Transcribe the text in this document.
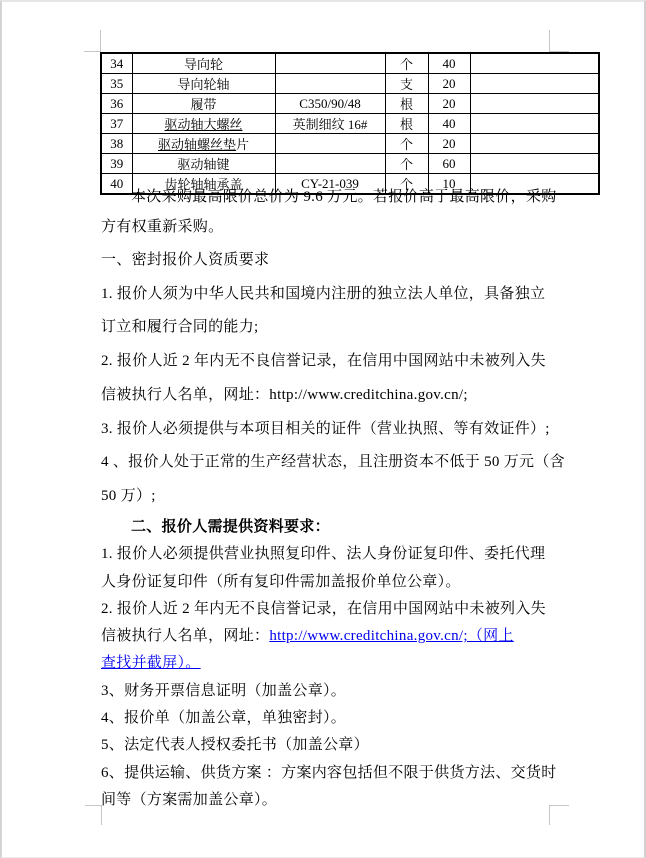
34	导向轮		个	40	
35	导向轮轴		支	20	
36	履带	C350/90/48	根	20	
37	驱动轴大螺丝	英制细纹 16#	根	40	
38	驱动轴螺丝垫片		个	20	
39	驱动轴键		个	60	
40	齿轮轴轴承盖	CY-21-039	个	10	
本次采购最高限价总价为 9.6 万元。若报价高于最高限价，采购
方有权重新采购。
一、密封报价人资质要求
1. 报价人须为中华人民共和国境内注册的独立法人单位，具备独立
订立和履行合同的能力;
2. 报价人近 2 年内无不良信誉记录，在信用中国网站中未被列入失
信被执行人名单，网址：http://www.creditchina.gov.cn/;
3. 报价人必须提供与本项目相关的证件（营业执照、等有效证件）;
4 、报价人处于正常的生产经营状态，且注册资本不低于 50 万元（含
50 万）;
二、报价人需提供资料要求：
1. 报价人必须提供营业执照复印件、法人身份证复印件、委托代理
人身份证复印件（所有复印件需加盖报价单位公章）。
2. 报价人近 2 年内无不良信誉记录，在信用中国网站中未被列入失
信被执行人名单，网址：http://www.creditchina.gov.cn/;（网上
查找并截屏）。
3、财务开票信息证明（加盖公章）。
4、报价单（加盖公章，单独密封）。
5、法定代表人授权委托书（加盖公章）
6、提供运输、供货方案 ：方案内容包括但不限于供货方法、交货时
间等（方案需加盖公章）。
